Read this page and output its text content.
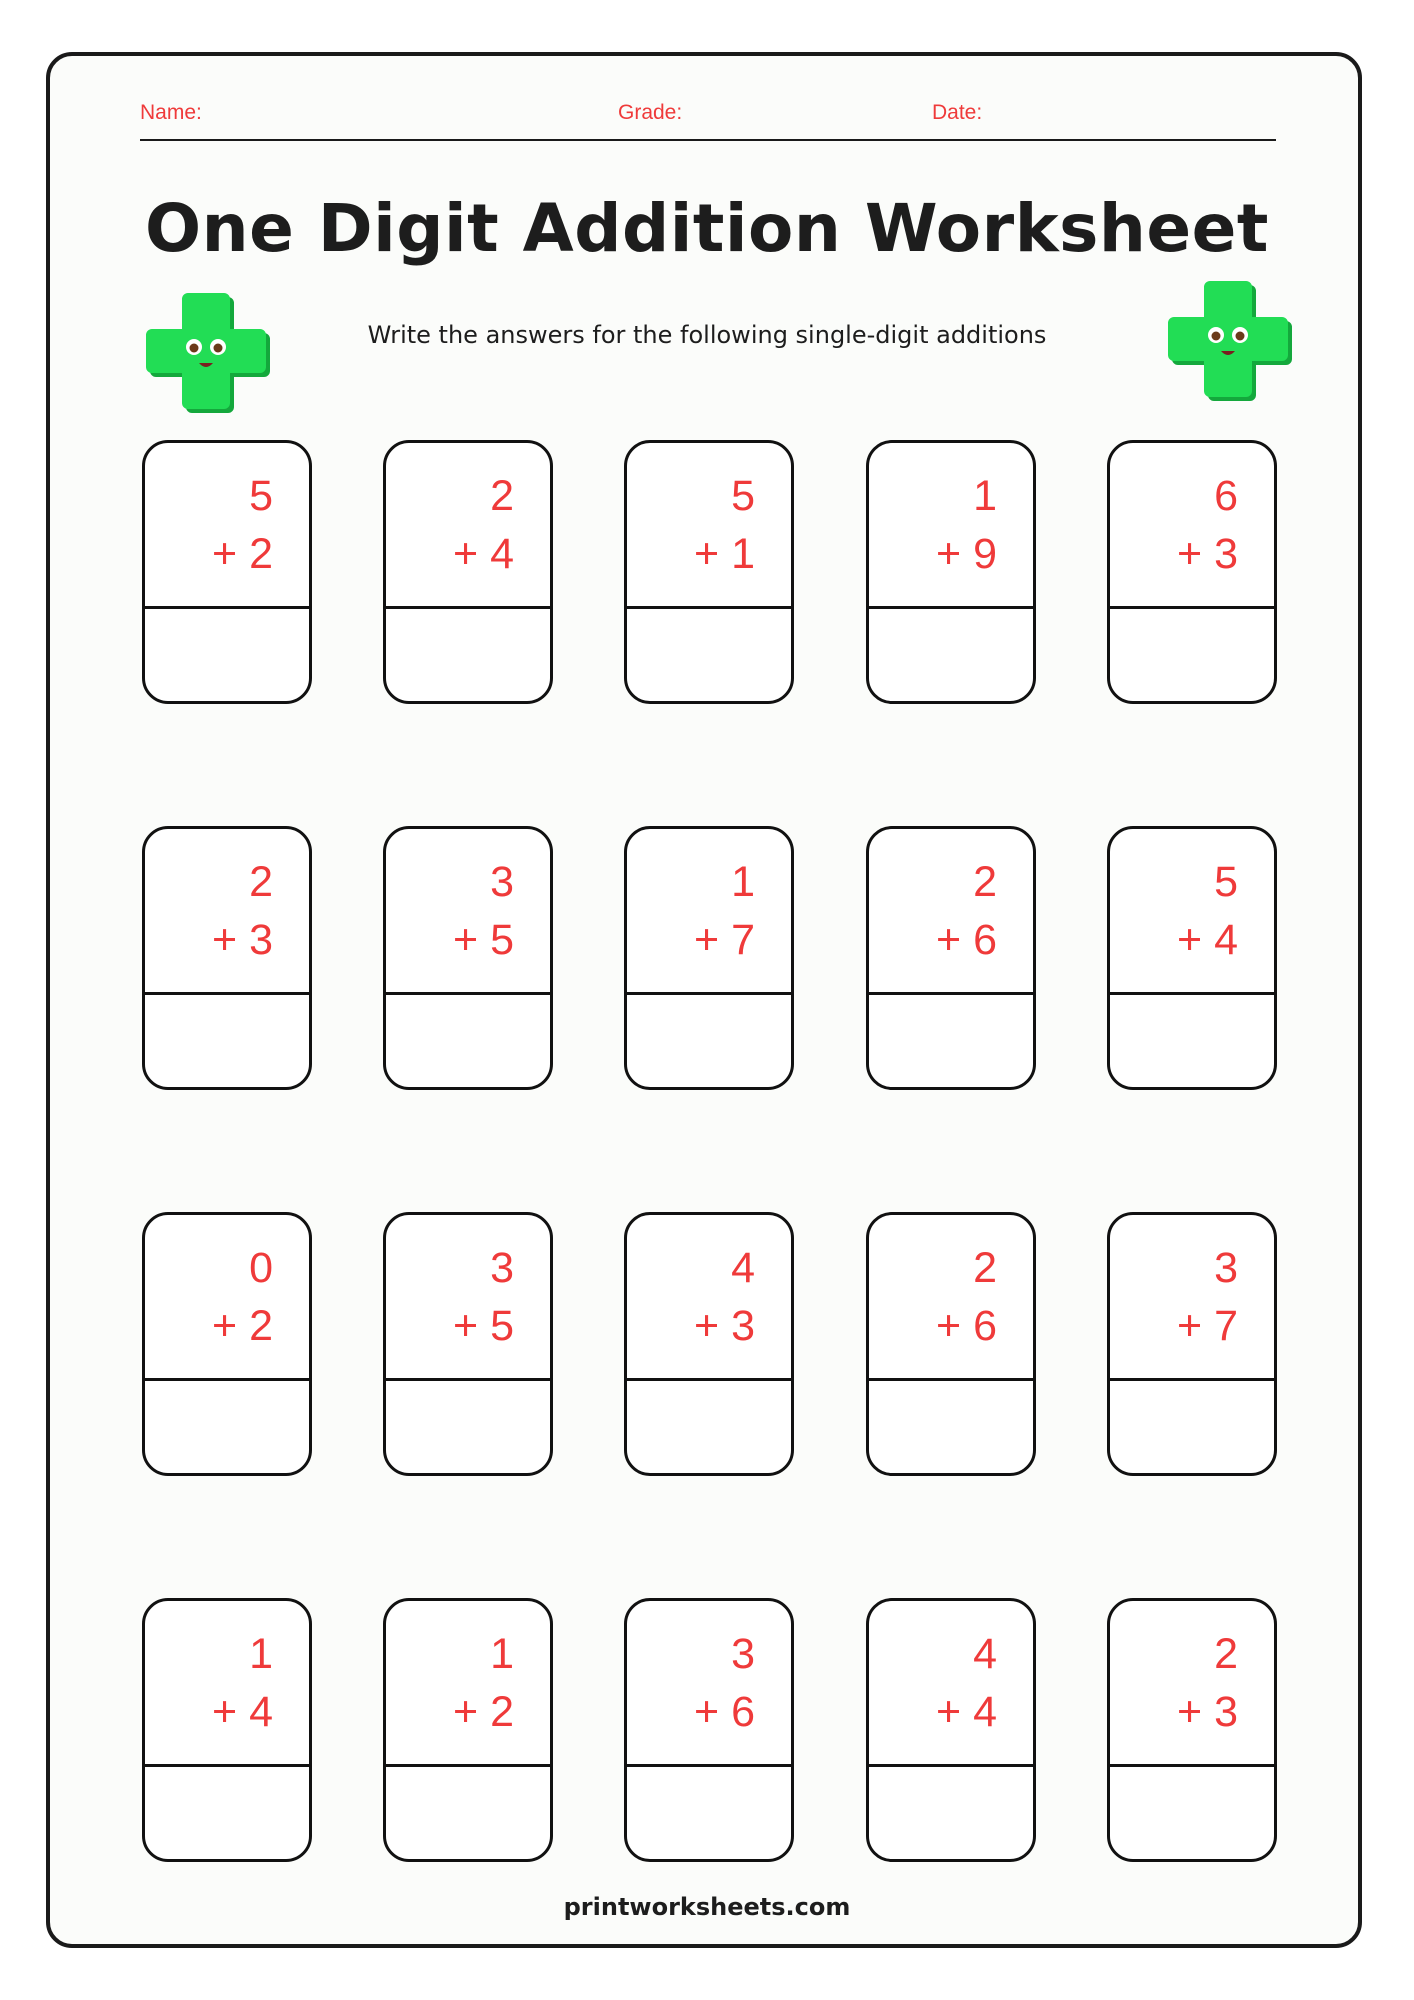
Name:	Grade:	Date:
One Digit Addition Worksheet

Write the answers for the following single-digit additions

5
+ 2
2
+ 4
5
+ 1
1
+ 9
6
+ 3
2
+ 3
3
+ 5
1
+ 7
2
+ 6
5
+ 4
0
+ 2
3
+ 5
4
+ 3
2
+ 6
3
+ 7
1
+ 4
1
+ 2
3
+ 6
4
+ 4
2
+ 3

printworksheets.com
